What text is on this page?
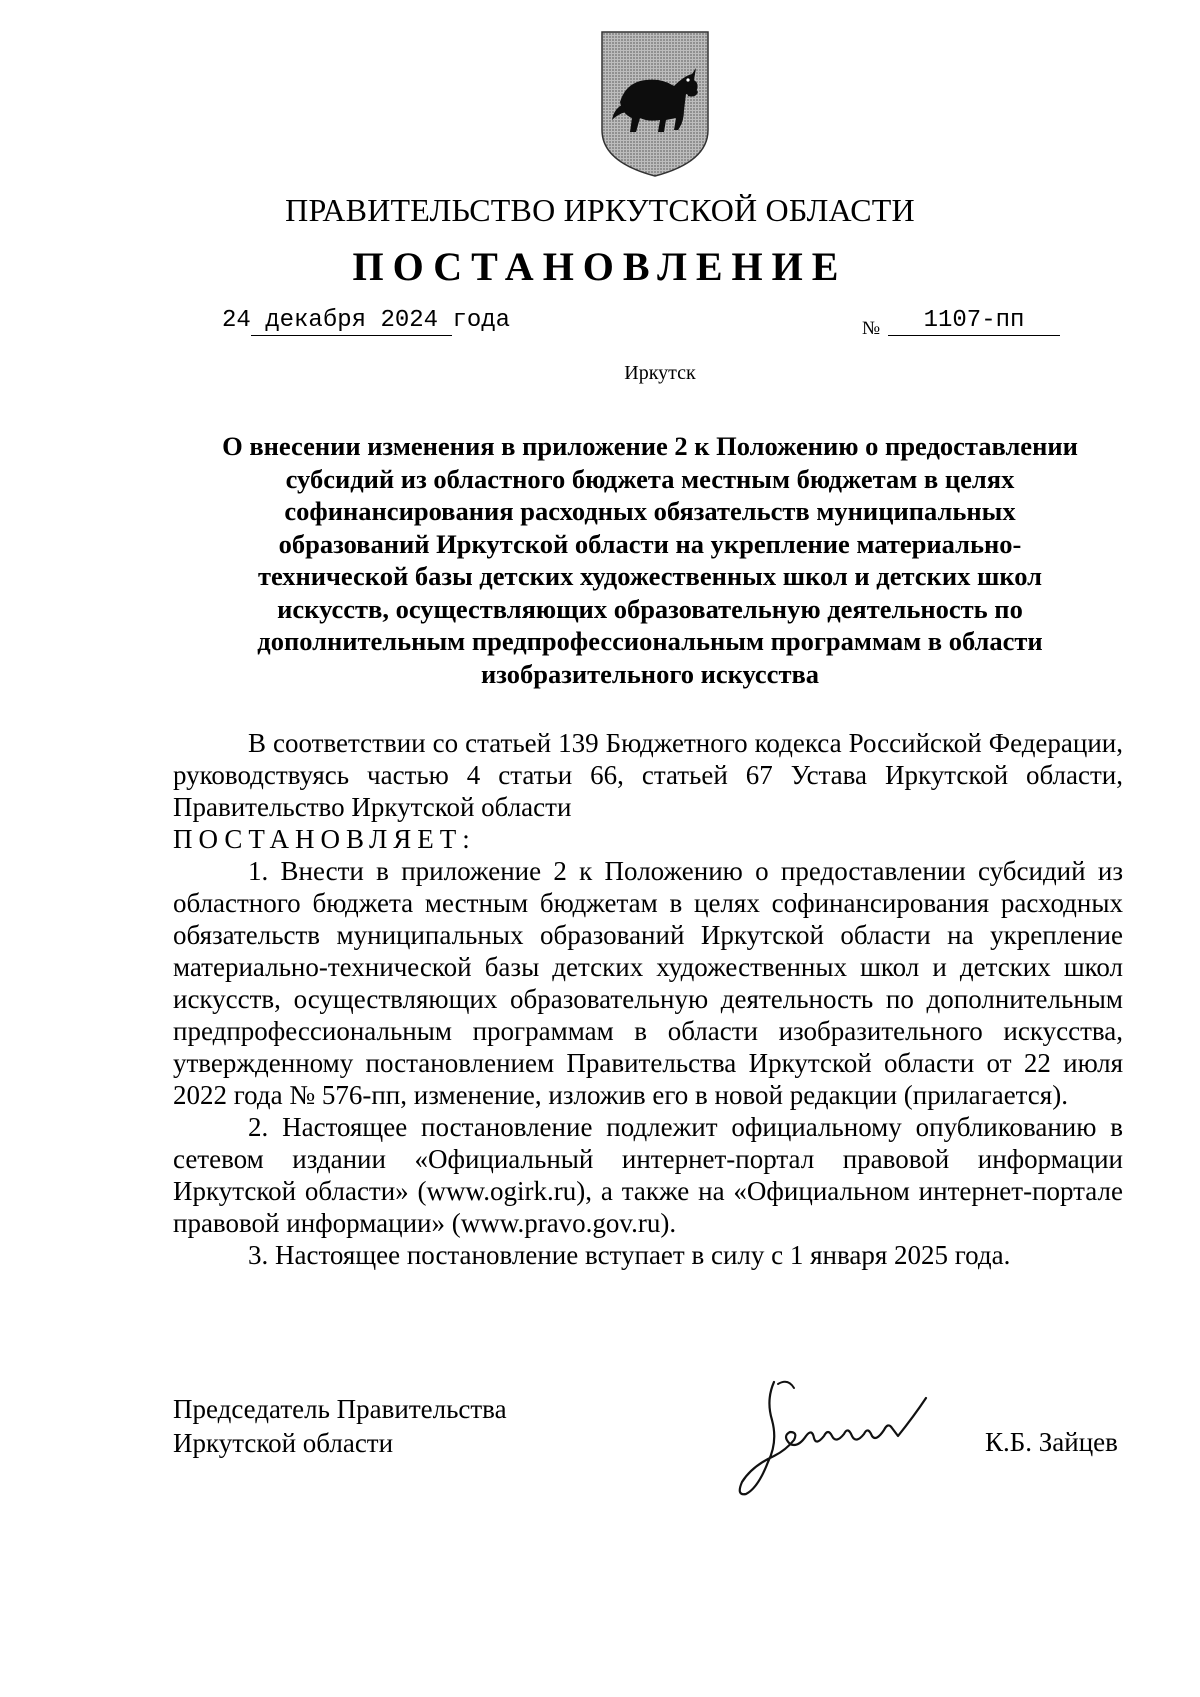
ПРАВИТЕЛЬСТВО ИРКУТСКОЙ ОБЛАСТИ
ПОСТАНОВЛЕНИЕ
24 декабря 2024 года	№	1107-пп
Иркутск
О внесении изменения в приложение 2 к Положению о предоставлении
субсидий из областного бюджета местным бюджетам в целях
софинансирования расходных обязательств муниципальных
образований Иркутской области на укрепление материально-
технической базы детских художественных школ и детских школ
искусств, осуществляющих образовательную деятельность по
дополнительным предпрофессиональным программам в области
изобразительного искусства

В соответствии со статьей 139 Бюджетного кодекса Российской Федерации, руководствуясь частью 4 статьи 66, статьей 67 Устава Иркутской области, Правительство Иркутской области

ПОСТАНОВЛЯЕТ:

1. Внести в приложение 2 к Положению о предоставлении субсидий из областного бюджета местным бюджетам в целях софинансирования расходных обязательств муниципальных образований Иркутской области на укрепление материально-технической базы детских художественных школ и детских школ искусств, осуществляющих образовательную деятельность по дополнительным предпрофессиональным программам в области изобразительного искусства, утвержденному постановлением Правительства Иркутской области от 22 июля 2022 года № 576-пп, изменение, изложив его в новой редакции (прилагается).

2. Настоящее постановление подлежит официальному опубликованию в сетевом издании «Официальный интернет-портал правовой информации Иркутской области» (www.ogirk.ru), а также на «Официальном интернет-портале правовой информации» (www.pravo.gov.ru).

3. Настоящее постановление вступает в силу с 1 января 2025 года.

Председатель Правительства
Иркутской области	К.Б. Зайцев
